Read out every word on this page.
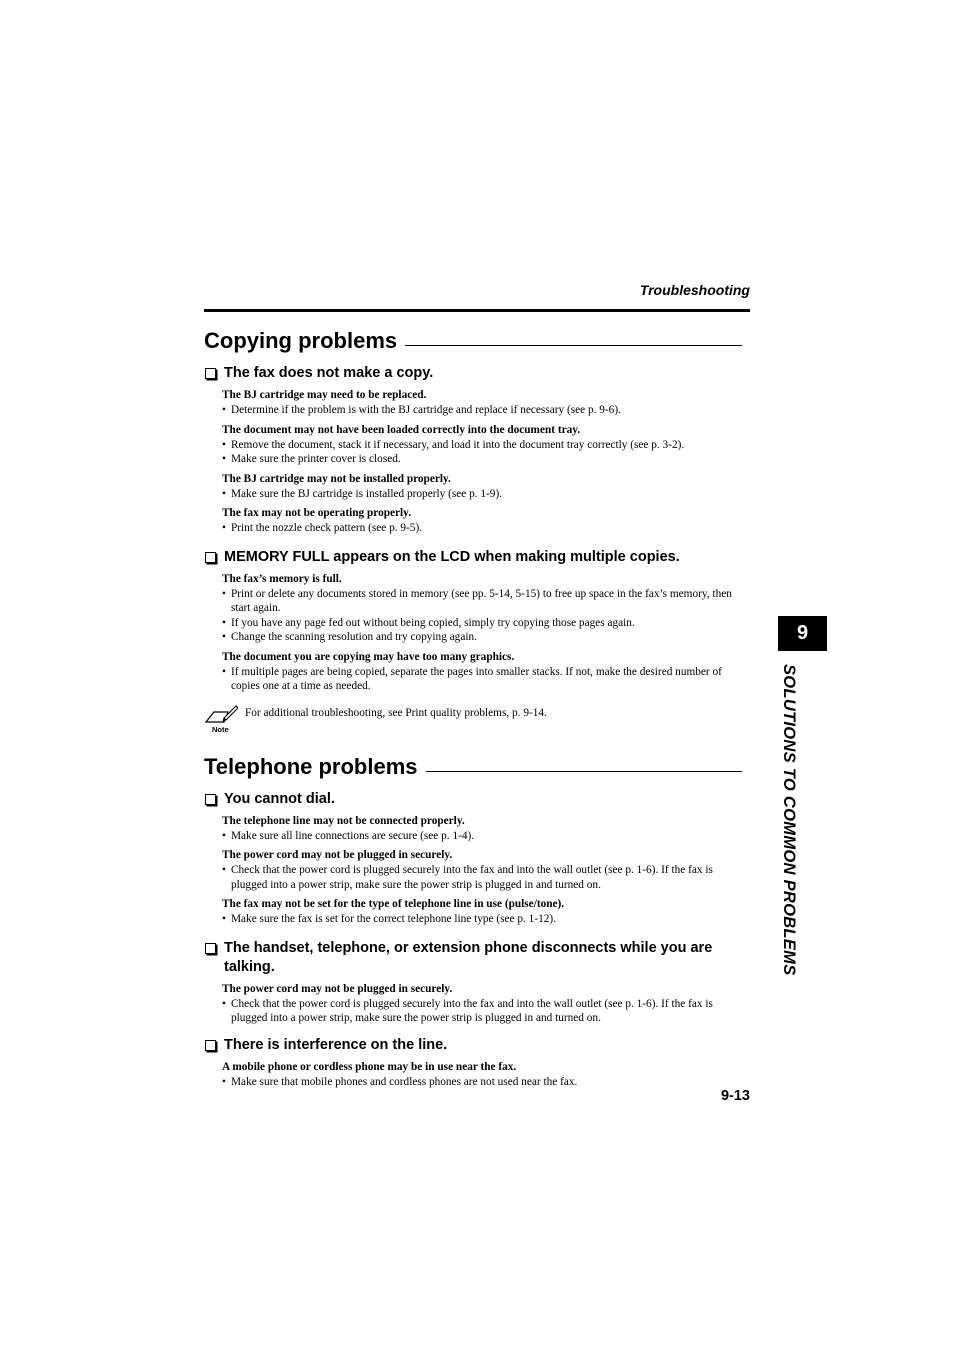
Troubleshooting
Copying problems
The fax does not make a copy.

The BJ cartridge may need to be replaced.

• Determine if the problem is with the BJ cartridge and replace if necessary (see p. 9-6).

The document may not have been loaded correctly into the document tray.

• Remove the document, stack it if necessary, and load it into the document tray correctly (see p. 3-2).
• Make sure the printer cover is closed.

The BJ cartridge may not be installed properly.

• Make sure the BJ cartridge is installed properly (see p. 1-9).

The fax may not be operating properly.

• Print the nozzle check pattern (see p. 9-5).
MEMORY FULL appears on the LCD when making multiple copies.

The fax’s memory is full.

• Print or delete any documents stored in memory (see pp. 5-14, 5-15) to free up space in the fax’s memory, then start again.
• If you have any page fed out without being copied, simply try copying those pages again.
• Change the scanning resolution and try copying again.

The document you are copying may have too many graphics.

• If multiple pages are being copied, separate the pages into smaller stacks. If not, make the desired number of copies one at a time as needed.
Note
For additional troubleshooting, see Print quality problems, p. 9-14.
Telephone problems
You cannot dial.

The telephone line may not be connected properly.

• Make sure all line connections are secure (see p. 1-4).

The power cord may not be plugged in securely.

• Check that the power cord is plugged securely into the fax and into the wall outlet (see p. 1-6). If the fax is plugged into a power strip, make sure the power strip is plugged in and turned on.

The fax may not be set for the type of telephone line in use (pulse/tone).

• Make sure the fax is set for the correct telephone line type (see p. 1-12).
The handset, telephone, or extension phone disconnects while you are talking.

The power cord may not be plugged in securely.

• Check that the power cord is plugged securely into the fax and into the wall outlet (see p. 1-6). If the fax is plugged into a power strip, make sure the power strip is plugged in and turned on.
There is interference on the line.

A mobile phone or cordless phone may be in use near the fax.

• Make sure that mobile phones and cordless phones are not used near the fax.
9
SOLUTIONS TO COMMON PROBLEMS
9-13
